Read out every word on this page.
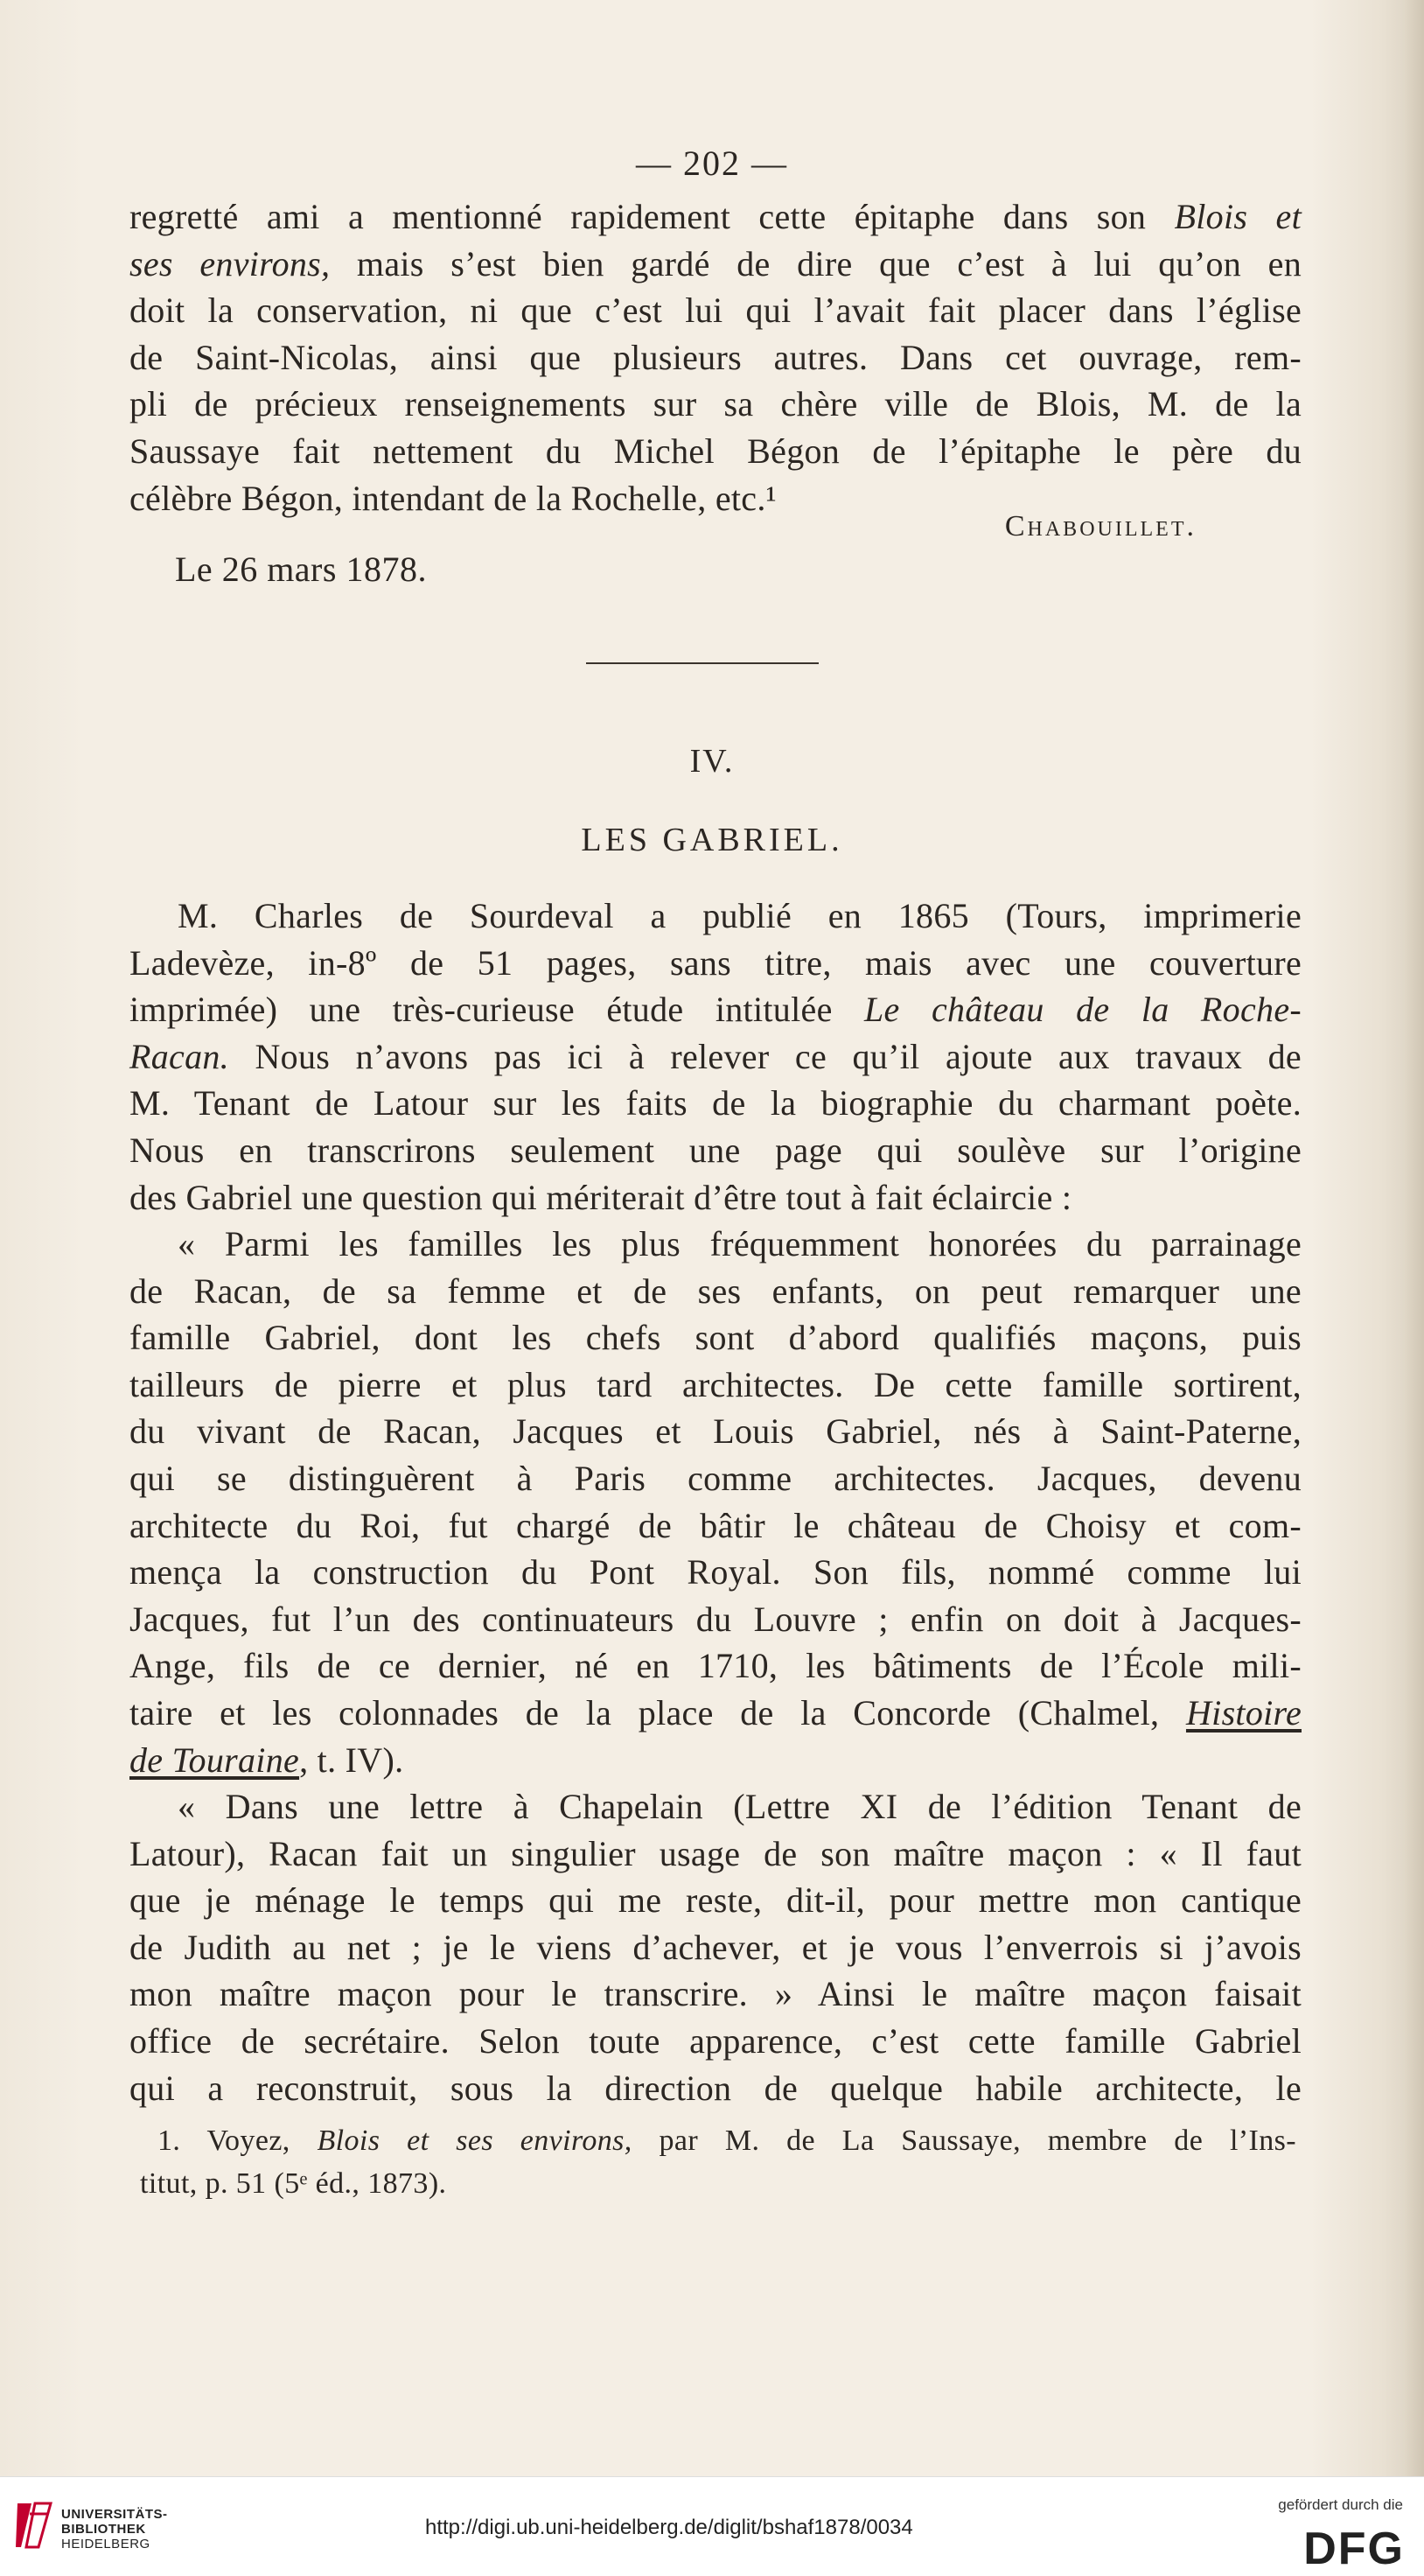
— 202 —
regretté ami a mentionné rapidement cette épitaphe dans son Blois et
ses environs, mais s’est bien gardé de dire que c’est à lui qu’on en
doit la conservation, ni que c’est lui qui l’avait fait placer dans l’église
de Saint-Nicolas, ainsi que plusieurs autres. Dans cet ouvrage, rem-
pli de précieux renseignements sur sa chère ville de Blois, M. de la
Saussaye fait nettement du Michel Bégon de l’épitaphe le père du
célèbre Bégon, intendant de la Rochelle, etc.¹
Chabouillet.
Le 26 mars 1878.
IV.
LES GABRIEL.
M. Charles de Sourdeval a publié en 1865 (Tours, imprimerie
Ladevèze, in-8º de 51 pages, sans titre, mais avec une couverture
imprimée) une très-curieuse étude intitulée Le château de la Roche-
Racan. Nous n’avons pas ici à relever ce qu’il ajoute aux travaux de
M. Tenant de Latour sur les faits de la biographie du charmant poète.
Nous en transcrirons seulement une page qui soulève sur l’origine
des Gabriel une question qui mériterait d’être tout à fait éclaircie :
« Parmi les familles les plus fréquemment honorées du parrainage
de Racan, de sa femme et de ses enfants, on peut remarquer une
famille Gabriel, dont les chefs sont d’abord qualifiés maçons, puis
tailleurs de pierre et plus tard architectes. De cette famille sortirent,
du vivant de Racan, Jacques et Louis Gabriel, nés à Saint-Paterne,
qui se distinguèrent à Paris comme architectes. Jacques, devenu
architecte du Roi, fut chargé de bâtir le château de Choisy et com-
mença la construction du Pont Royal. Son fils, nommé comme lui
Jacques, fut l’un des continuateurs du Louvre ; enfin on doit à Jacques-
Ange, fils de ce dernier, né en 1710, les bâtiments de l’École mili-
taire et les colonnades de la place de la Concorde (Chalmel, Histoire
de Touraine, t. IV).
« Dans une lettre à Chapelain (Lettre XI de l’édition Tenant de
Latour), Racan fait un singulier usage de son maître maçon : « Il faut
que je ménage le temps qui me reste, dit-il, pour mettre mon cantique
de Judith au net ; je le viens d’achever, et je vous l’enverrois si j’avois
mon maître maçon pour le transcrire. » Ainsi le maître maçon faisait
office de secrétaire. Selon toute apparence, c’est cette famille Gabriel
qui a reconstruit, sous la direction de quelque habile architecte, le
1. Voyez, Blois et ses environs, par M. de La Saussaye, membre de l’Ins-
titut, p. 51 (5ᵉ éd., 1873).
UNIVERSITÄTS-
BIBLIOTHEK
HEIDELBERG
http://digi.ub.uni-heidelberg.de/diglit/bshaf1878/0034
gefördert durch die
DFG
